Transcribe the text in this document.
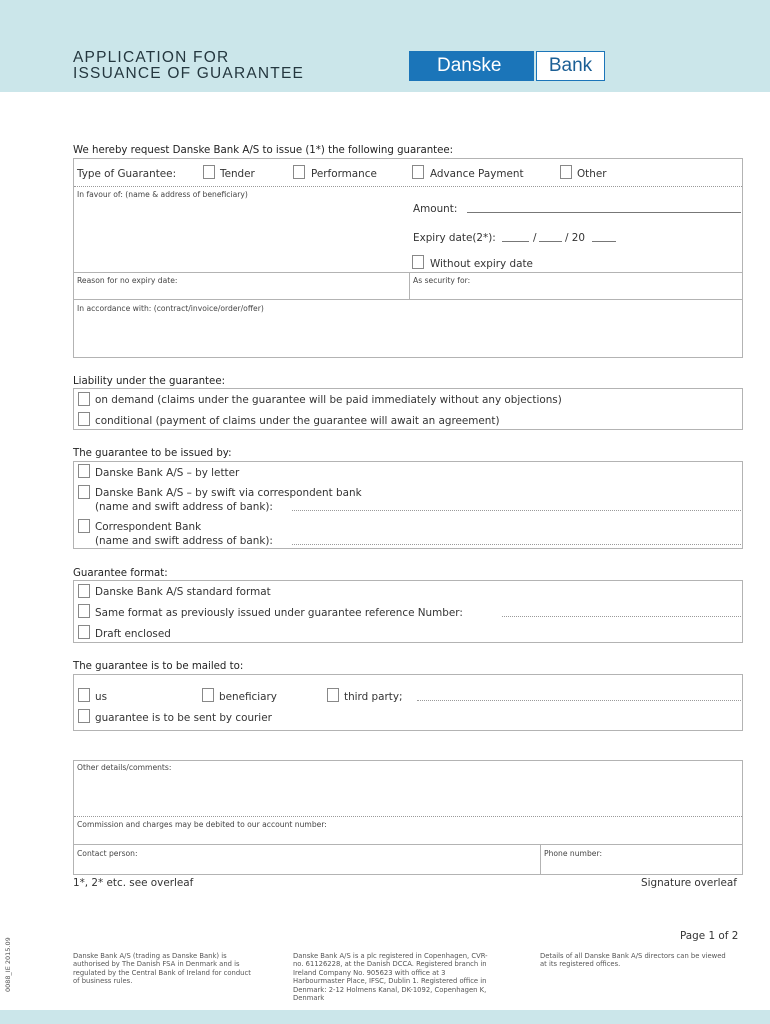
APPLICATION FOR
ISSUANCE OF GUARANTEE	Danske	Bank
We hereby request Danske Bank A/S to issue (1*) the following guarantee:
Type of Guarantee:	Tender	Performance	Advance Payment	Other
In favour of: (name & address of beneficiary)
Amount:
Expiry date(2*):	/	/ 20
Without expiry date
Reason for no expiry date:	As security for:
In accordance with: (contract/invoice/order/offer)
Liability under the guarantee:
on demand (claims under the guarantee will be paid immediately without any objections)
conditional (payment of claims under the guarantee will await an agreement)
The guarantee to be issued by:
Danske Bank A/S – by letter
Danske Bank A/S – by swift via correspondent bank
(name and swift address of bank):
Correspondent Bank
(name and swift address of bank):
Guarantee format:
Danske Bank A/S standard format
Same format as previously issued under guarantee reference Number:
Draft enclosed
The guarantee is to be mailed to:
us	beneficiary	third party;
guarantee is to be sent by courier
Other details/comments:
Commission and charges may be debited to our account number:
Contact person:	Phone number:
1*, 2* etc. see overleaf	Signature overleaf
Page 1 of 2
Danske Bank A/S (trading as Danske Bank) is authorised by The Danish FSA in Denmark and is regulated by the Central Bank of Ireland for conduct of business rules.
Danske Bank A/S is a plc registered in Copenhagen, CVR-no. 61126228, at the Danish DCCA. Registered branch in Ireland Company No. 905623 with office at 3 Harbourmaster Place, IFSC, Dublin 1. Registered office in Denmark: 2-12 Holmens Kanal, DK-1092, Copenhagen K, Denmark
Details of all Danske Bank A/S directors can be viewed at its registered offices.
0088_IE 2015.09
